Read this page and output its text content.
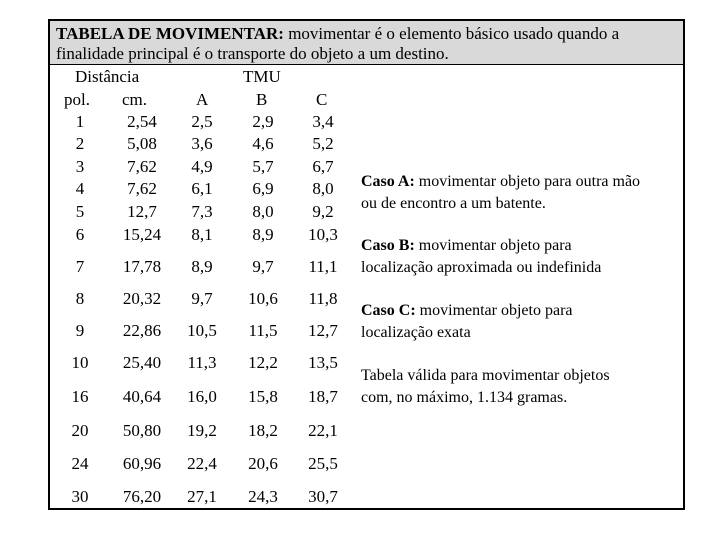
TABELA DE MOVIMENTAR: movimentar é o elemento básico usado quando a
finalidade principal é o transporte do objeto a um destino.
Distância	TMU
pol. cm.	A	B	C
1	2,54	2,5	2,9	3,4
2	5,08	3,6	4,6	5,2
3	7,62	4,9	5,7	6,7
4	7,62	6,1	6,9	8,0
5	12,7	7,3	8,0	9,2
6	15,24	8,1	8,9	10,3
7	17,78	8,9	9,7	11,1
8	20,32	9,7	10,6	11,8
9	22,86	10,5	11,5	12,7
10	25,40	11,3	12,2	13,5
16	40,64	16,0	15,8	18,7
20	50,80	19,2	18,2	22,1
24	60,96	22,4	20,6	25,5
30	76,20	27,1	24,3	30,7
Caso A: movimentar objeto para outra mão
ou de encontro a um batente.
Caso B: movimentar objeto para
localização aproximada ou indefinida
Caso C: movimentar objeto para
localização exata
Tabela válida para movimentar objetos
com, no máximo, 1.134 gramas.
